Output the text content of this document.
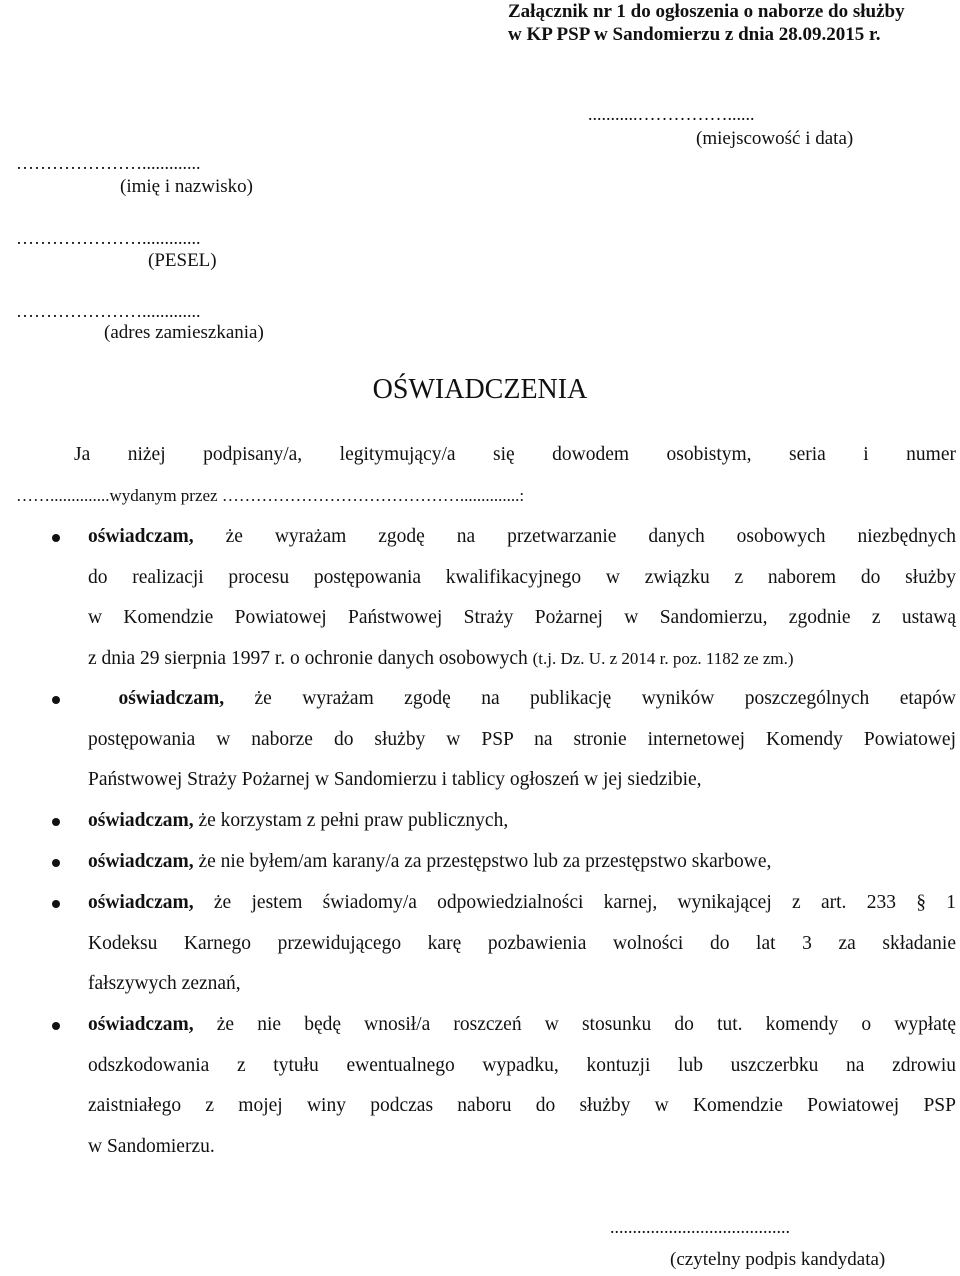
Załącznik nr 1 do ogłoszenia o naborze do służby
w KP PSP w Sandomierzu z dnia 28.09.2015 r.
...........……………......
(miejscowość i data)
………………….............
(imię i nazwisko)
………………….............
(PESEL)
………………….............
(adres zamieszkania)
OŚWIADCZENIA
Ja niżej podpisany/a, legitymujący/a się dowodem osobistym, seria i numer
……..............wydanym przez ……………………………………..............:
oświadczam, że wyrażam zgodę na przetwarzanie danych osobowych niezbędnych
do realizacji procesu postępowania kwalifikacyjnego w związku z naborem do służby
w Komendzie Powiatowej Państwowej Straży Pożarnej w Sandomierzu, zgodnie z ustawą
z dnia 29 sierpnia 1997 r. o ochronie danych osobowych (t.j. Dz. U. z 2014 r. poz. 1182 ze zm.)
oświadczam, że wyrażam zgodę na publikację wyników poszczególnych etapów
postępowania w naborze do służby w PSP na stronie internetowej Komendy Powiatowej
Państwowej Straży Pożarnej w Sandomierzu i tablicy ogłoszeń w jej siedzibie,
oświadczam, że korzystam z pełni praw publicznych,
oświadczam, że nie byłem/am karany/a za przestępstwo lub za przestępstwo skarbowe,
oświadczam, że jestem świadomy/a odpowiedzialności karnej, wynikającej z art. 233 § 1
Kodeksu Karnego przewidującego karę pozbawienia wolności do lat 3 za składanie
fałszywych zeznań,
oświadczam, że nie będę wnosił/a roszczeń w stosunku do tut. komendy o wypłatę
odszkodowania z tytułu ewentualnego wypadku, kontuzji lub uszczerbku na zdrowiu
zaistniałego z mojej winy podczas naboru do służby w Komendzie Powiatowej PSP
w Sandomierzu.
........................................
(czytelny podpis kandydata)
